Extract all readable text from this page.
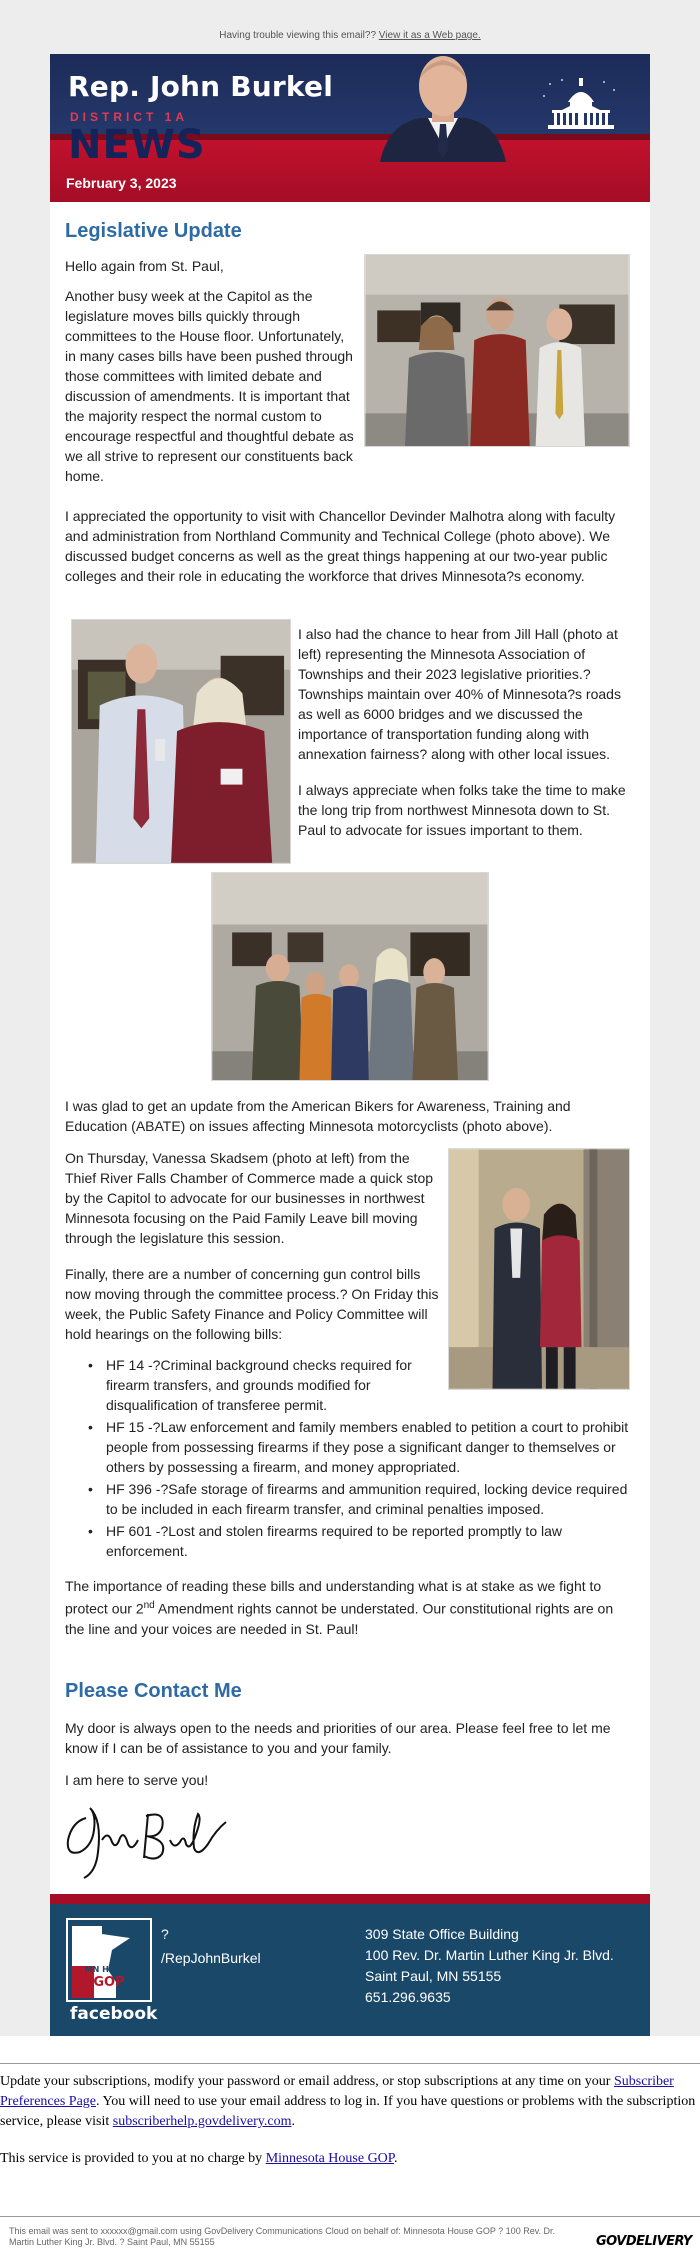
Having trouble viewing this email?? View it as a Web page.
Rep. John Burkel
DISTRICT 1A
NEWS
February 3, 2023
Legislative Update
Hello again from St. Paul,
Another busy week at the Capitol as the legislature moves bills quickly through committees to the House floor. Unfortunately, in many cases bills have been pushed through those committees with limited debate and discussion of amendments. It is important that the majority respect the normal custom to encourage respectful and thoughtful debate as we all strive to represent our constituents back home.
I appreciated the opportunity to visit with Chancellor Devinder Malhotra along with faculty and administration from Northland Community and Technical College (photo above). We discussed budget concerns as well as the great things happening at our two-year public colleges and their role in educating the workforce that drives Minnesota?s economy.
I also had the chance to hear from Jill Hall (photo at left) representing the Minnesota Association of Townships and their 2023 legislative priorities.? Townships maintain over 40% of Minnesota?s roads as well as 6000 bridges and we discussed the importance of transportation funding along with annexation fairness? along with other local issues.
I always appreciate when folks take the time to make the long trip from northwest Minnesota down to St. Paul to advocate for issues important to them.
I was glad to get an update from the American Bikers for Awareness, Training and Education (ABATE) on issues affecting Minnesota motorcyclists (photo above).
On Thursday, Vanessa Skadsem (photo at left) from the Thief River Falls Chamber of Commerce made a quick stop by the Capitol to advocate for our businesses in northwest Minnesota focusing on the Paid Family Leave bill moving through the legislature this session.
Finally, there are a number of concerning gun control bills now moving through the committee process.? On Friday this week, the Public Safety Finance and Policy Committee will hold hearings on the following bills:
• HF 14 -?Criminal background checks required for firearm transfers, and grounds modified for disqualification of transferee permit.
• HF 15 -?Law enforcement and family members enabled to petition a court to prohibit people from possessing firearms if they pose a significant danger to themselves or others by possessing a firearm, and money appropriated.
• HF 396 -?Safe storage of firearms and ammunition required, locking device required to be included in each firearm transfer, and criminal penalties imposed.
• HF 601 -?Lost and stolen firearms required to be reported promptly to law enforcement.
The importance of reading these bills and understanding what is at stake as we fight to protect our 2nd Amendment rights cannot be understated. Our constitutional rights are on the line and your voices are needed in St. Paul!
Please Contact Me
My door is always open to the needs and priorities of our area. Please feel free to let me know if I can be of assistance to you and your family.
I am here to serve you!
John Burkel
MN HOUSE
GOP
facebook
?
/RepJohnBurkel
309 State Office Building
100 Rev. Dr. Martin Luther King Jr. Blvd.
Saint Paul, MN 55155
651.296.9635
Update your subscriptions, modify your password or email address, or stop subscriptions at any time on your Subscriber Preferences Page. You will need to use your email address to log in. If you have questions or problems with the subscription service, please visit subscriberhelp.govdelivery.com.
This service is provided to you at no charge by Minnesota House GOP.
This email was sent to xxxxxx@gmail.com using GovDelivery Communications Cloud on behalf of: Minnesota House GOP ? 100 Rev. Dr. Martin Luther King Jr. Blvd. ? Saint Paul, MN 55155	GOVDELIVERY
